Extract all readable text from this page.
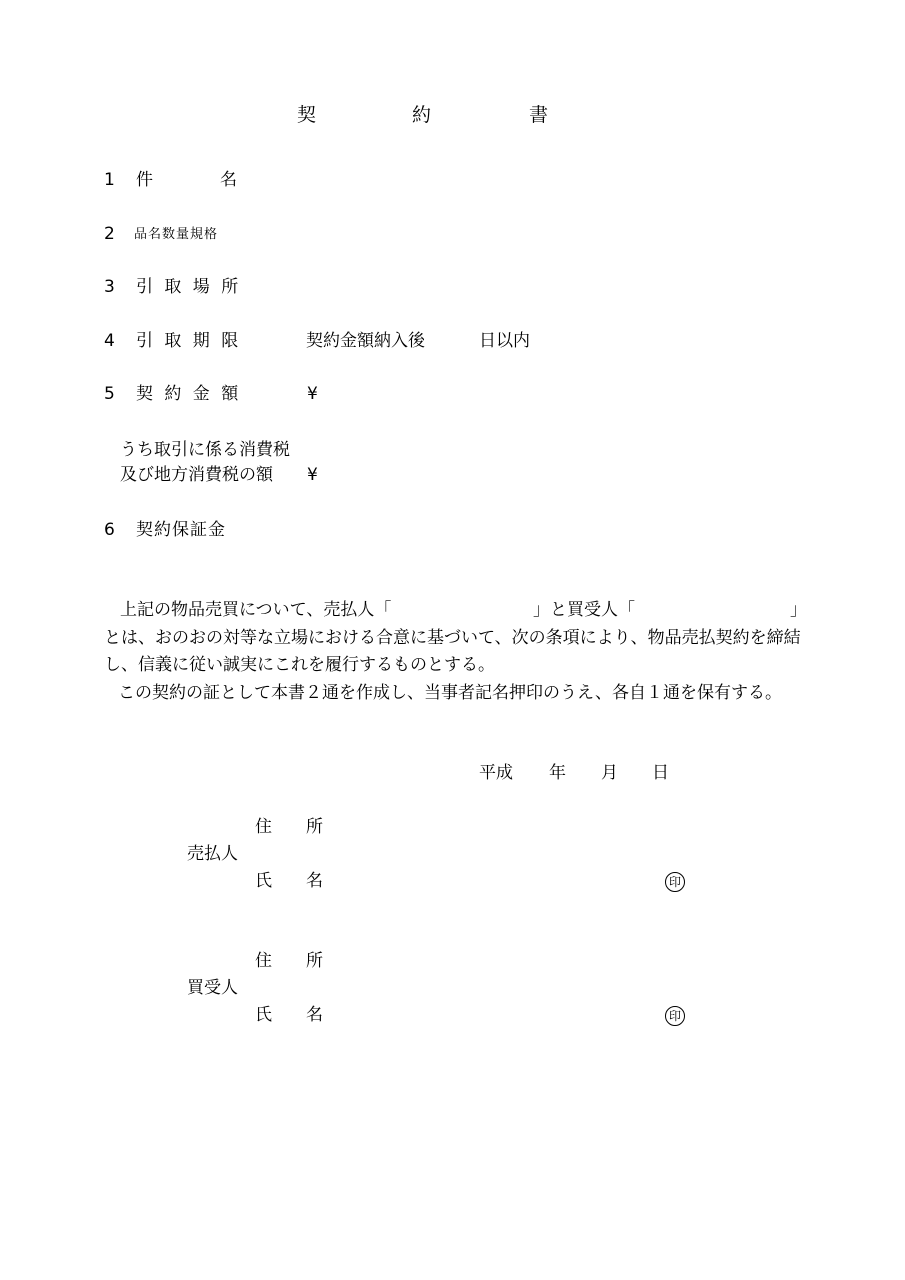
契	約	書
1 件	名
2 品名数量規格
3 引 取 場 所
4 引 取 期 限	契約金額納入後	日以内
5 契 約 金 額	¥
うち取引に係る消費税
及び地方消費税の額 ¥
6 契約保証金
上記の物品売買について、売払人「	」と買受人「	」
とは、おのおの対等な立場における合意に基づいて、次の条項により、物品売払契約を締結
し、信義に従い誠実にこれを履行するものとする。
この契約の証として本書２通を作成し、当事者記名押印のうえ、各自１通を保有する。
平成 年 月 日
住 所
売払人
氏 名	印
住 所
買受人
氏 名	印
